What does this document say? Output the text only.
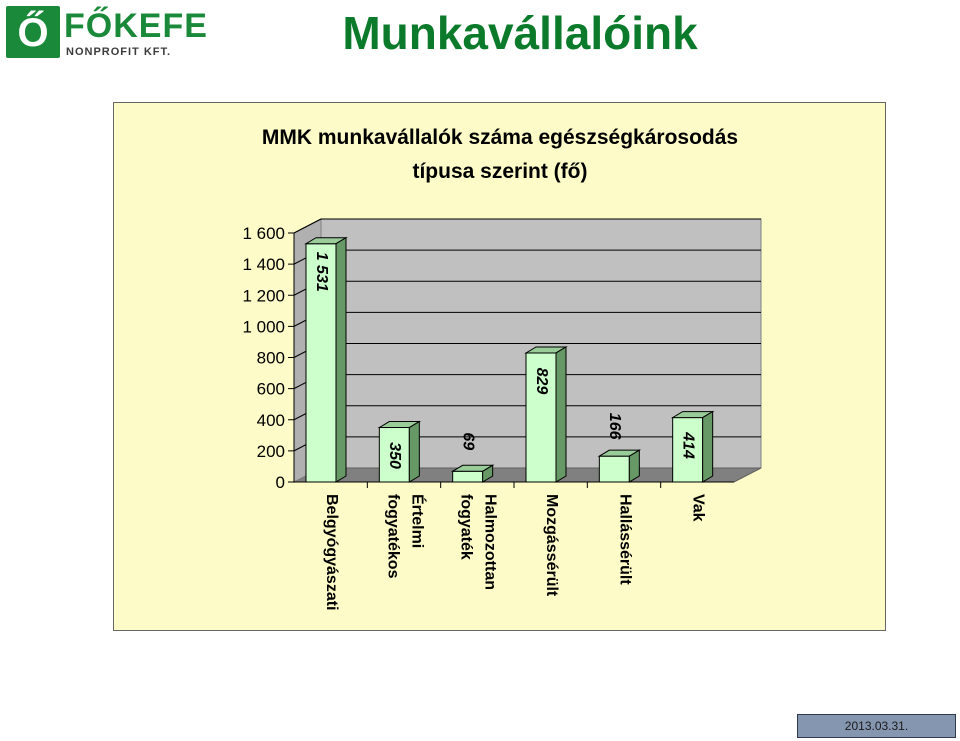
Ő FŐKEFE
NONPROFIT KFT.	Munkavállalóink
MMK munkavállalók száma egészségkárosodás
típusa szerint (fő)
0
200
400
600
800
1 000
1 200
1 400
1 600
1 531
Belgyógyászati
350
Értelmi
fogyatékos
69
Halmozottan
fogyaték
829
Mozgássérült
166
Hallássérült
414
Vak
2013.03.31.
